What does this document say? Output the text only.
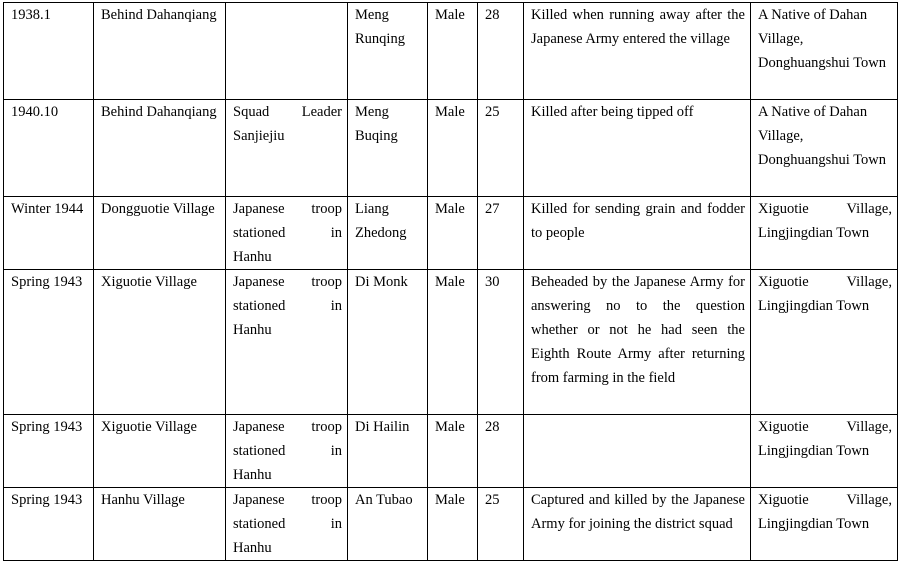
1938.1	Behind Dahanqiang		Meng Runqing	Male	28	Killed when running away after the Japanese Army entered the village	A Native of Dahan Village, Donghuangshui Town
1940.10	Behind Dahanqiang	Squad Leader Sanjiejiu	Meng Buqing	Male	25	Killed after being tipped off	A Native of Dahan Village, Donghuangshui Town
Winter 1944	Dongguotie Village	Japanese troop stationed in Hanhu	Liang Zhedong	Male	27	Killed for sending grain and fodder to people	Xiguotie Village, Lingjingdian Town
Spring 1943	Xiguotie Village	Japanese troop stationed in Hanhu	Di Monk	Male	30	Beheaded by the Japanese Army for answering no to the question whether or not he had seen the Eighth Route Army after returning from farming in the field	Xiguotie Village, Lingjingdian Town
Spring 1943	Xiguotie Village	Japanese troop stationed in Hanhu	Di Hailin	Male	28		Xiguotie Village, Lingjingdian Town
Spring 1943	Hanhu Village	Japanese troop stationed in Hanhu	An Tubao	Male	25	Captured and killed by the Japanese Army for joining the district squad	Xiguotie Village, Lingjingdian Town
